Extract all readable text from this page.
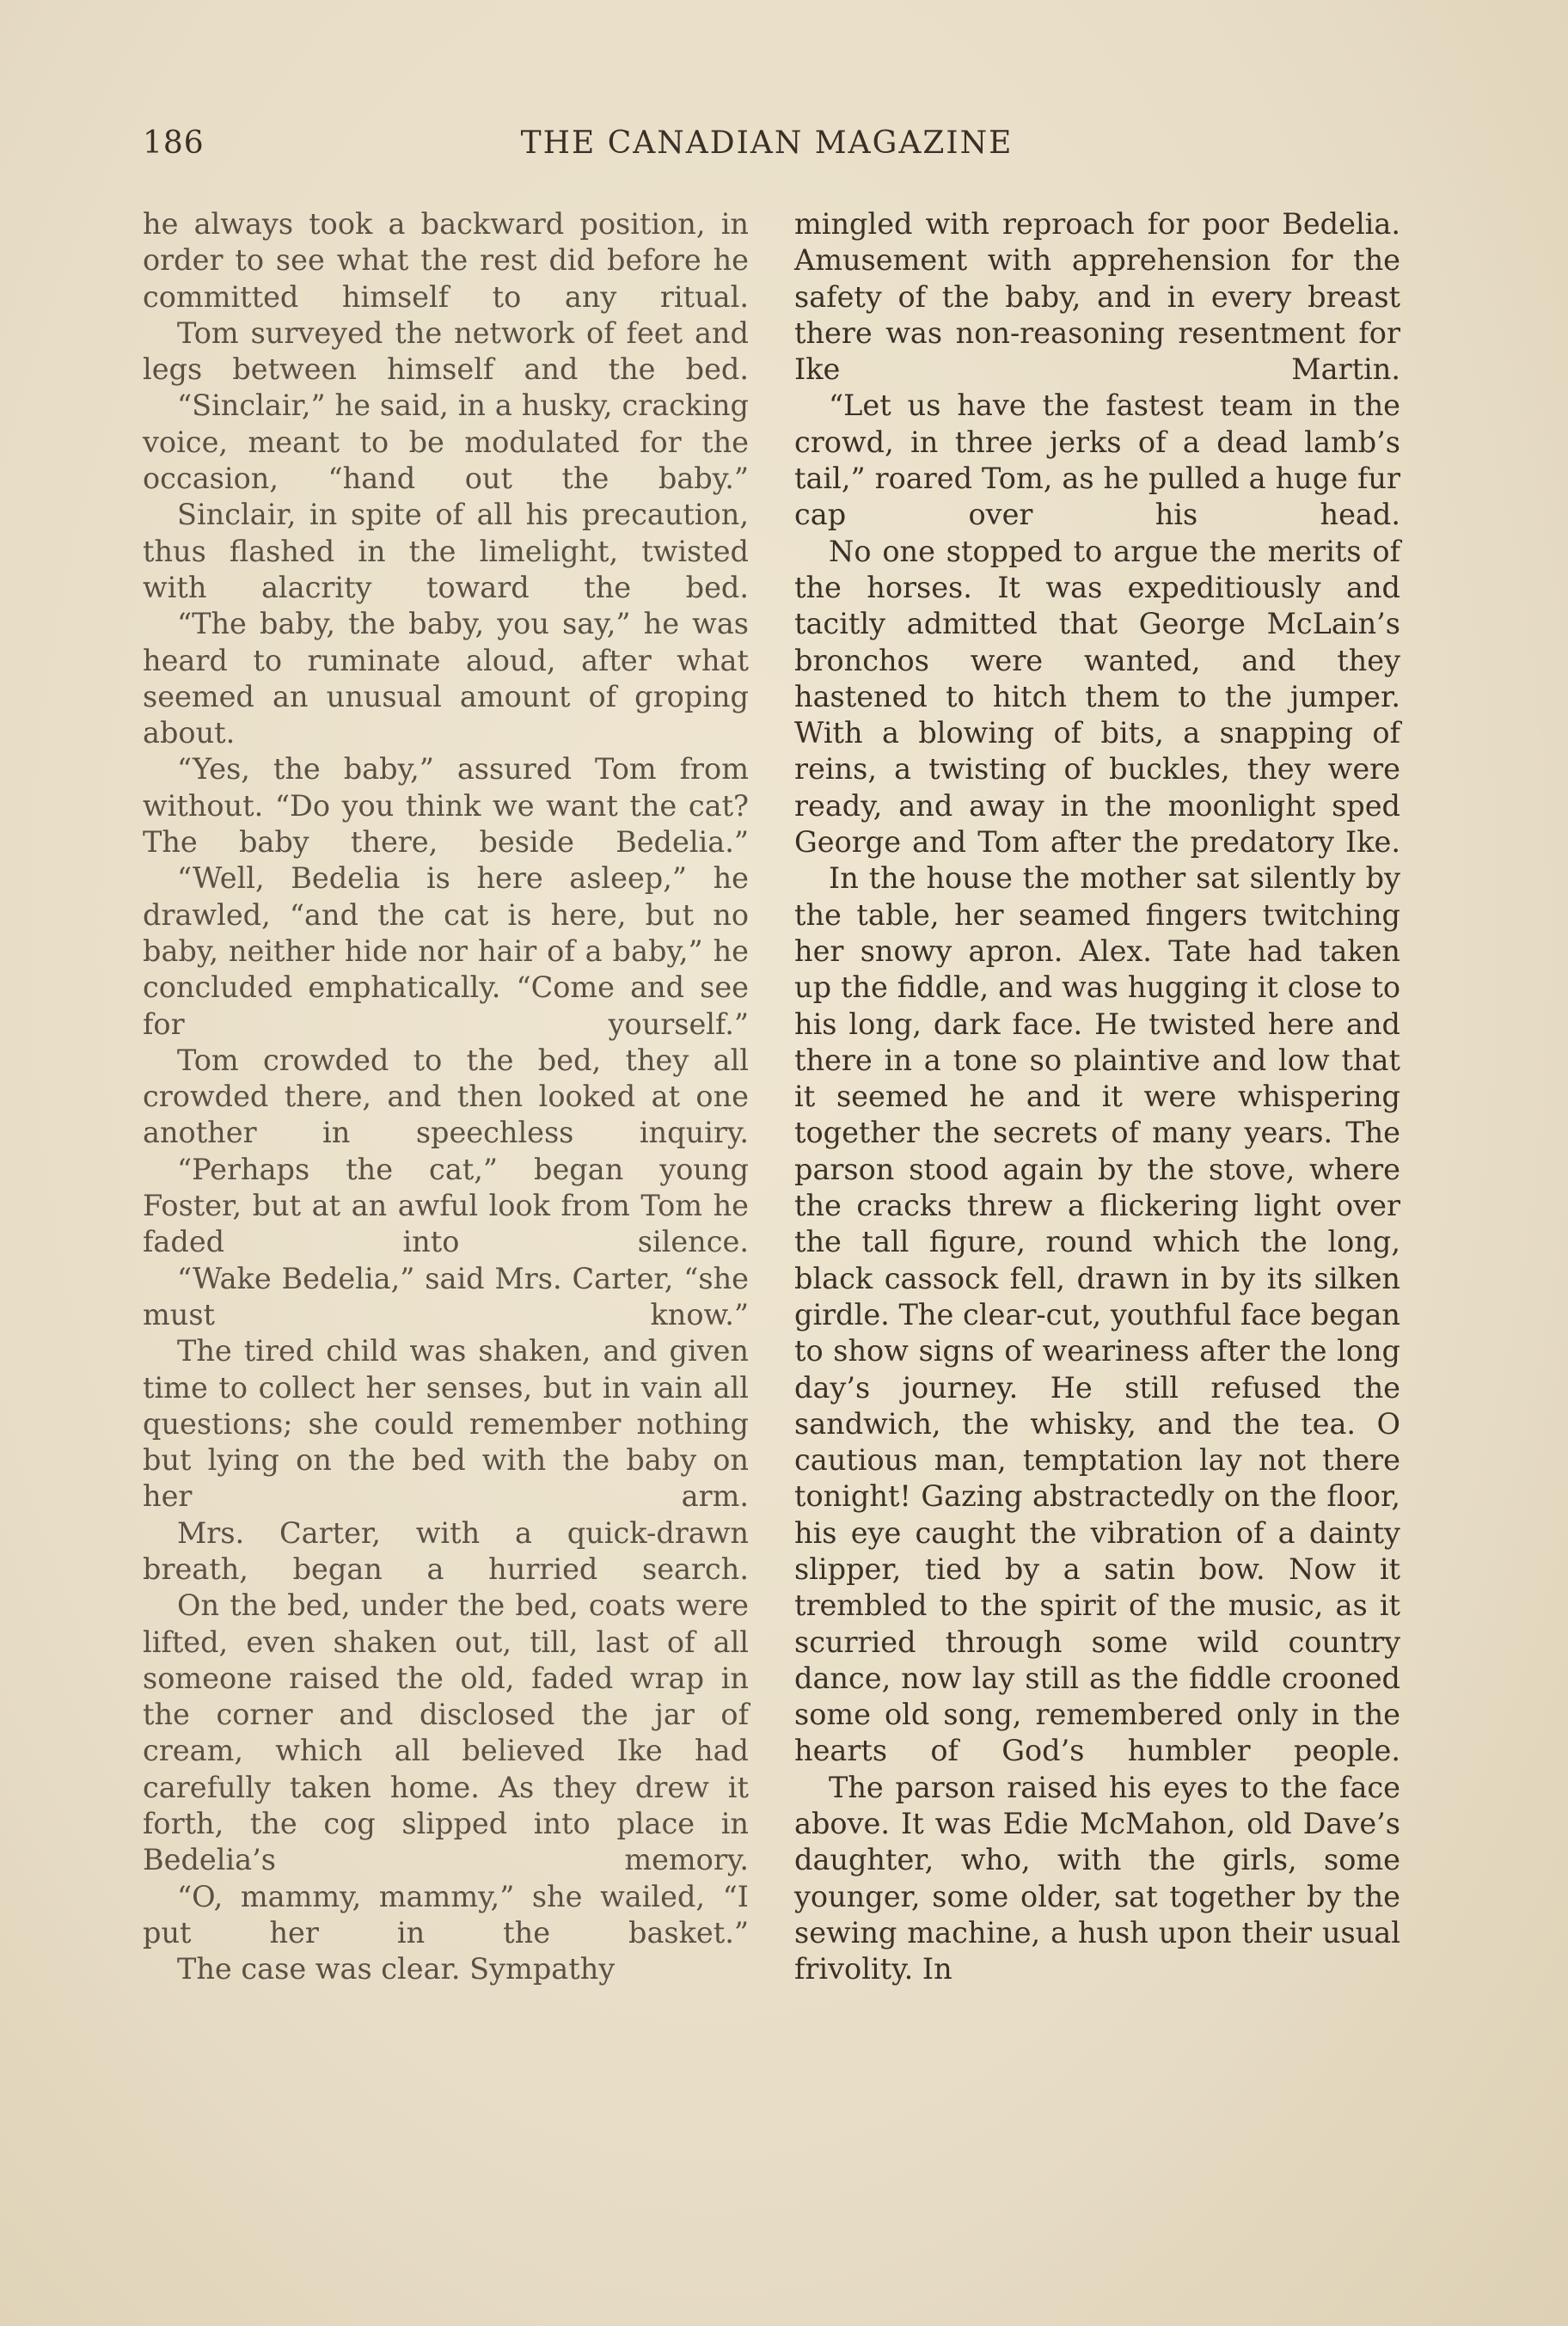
186	THE CANADIAN MAGAZINE

he always took a backward position, in order to see what the rest did before he committed himself to any ritual.

Tom surveyed the network of feet and legs between himself and the bed.

“Sinclair,” he said, in a husky, cracking voice, meant to be modulated for the occasion, “hand out the baby.”

Sinclair, in spite of all his precaution, thus flashed in the limelight, twisted with alacrity toward the bed.

“The baby, the baby, you say,” he was heard to ruminate aloud, after what seemed an unusual amount of groping about.

“Yes, the baby,” assured Tom from without. “Do you think we want the cat? The baby there, beside Bedelia.”

“Well, Bedelia is here asleep,” he drawled, “and the cat is here, but no baby, neither hide nor hair of a baby,” he concluded emphatically. “Come and see for yourself.”

Tom crowded to the bed, they all crowded there, and then looked at one another in speechless inquiry.

“Perhaps the cat,” began young Foster, but at an awful look from Tom he faded into silence.

“Wake Bedelia,” said Mrs. Carter, “she must know.”

The tired child was shaken, and given time to collect her senses, but in vain all questions; she could remember nothing but lying on the bed with the baby on her arm.

Mrs. Carter, with a quick-drawn breath, began a hurried search.

On the bed, under the bed, coats were lifted, even shaken out, till, last of all someone raised the old, faded wrap in the corner and disclosed the jar of cream, which all believed Ike had carefully taken home. As they drew it forth, the cog slipped into place in Bedelia’s memory.

“O, mammy, mammy,” she wailed, “I put her in the basket.”

The case was clear. Sympathy

mingled with reproach for poor Bedelia. Amusement with apprehension for the safety of the baby, and in every breast there was non-reasoning resentment for Ike Martin.

“Let us have the fastest team in the crowd, in three jerks of a dead lamb’s tail,” roared Tom, as he pulled a huge fur cap over his head.

No one stopped to argue the merits of the horses. It was expeditiously and tacitly admitted that George McLain’s bronchos were wanted, and they hastened to hitch them to the jumper. With a blowing of bits, a snapping of reins, a twisting of buckles, they were ready, and away in the moonlight sped George and Tom after the predatory Ike.

In the house the mother sat silently by the table, her seamed fingers twitching her snowy apron. Alex. Tate had taken up the fiddle, and was hugging it close to his long, dark face. He twisted here and there in a tone so plaintive and low that it seemed he and it were whispering together the secrets of many years. The parson stood again by the stove, where the cracks threw a flickering light over the tall figure, round which the long, black cassock fell, drawn in by its silken girdle. The clear-cut, youthful face began to show signs of weariness after the long day’s journey. He still refused the sandwich, the whisky, and the tea. O cautious man, temptation lay not there tonight! Gazing abstractedly on the floor, his eye caught the vibration of a dainty slipper, tied by a satin bow. Now it trembled to the spirit of the music, as it scurried through some wild country dance, now lay still as the fiddle crooned some old song, remembered only in the hearts of God’s humbler people.

The parson raised his eyes to the face above. It was Edie McMahon, old Dave’s daughter, who, with the girls, some younger, some older, sat together by the sewing machine, a hush upon their usual frivolity. In
